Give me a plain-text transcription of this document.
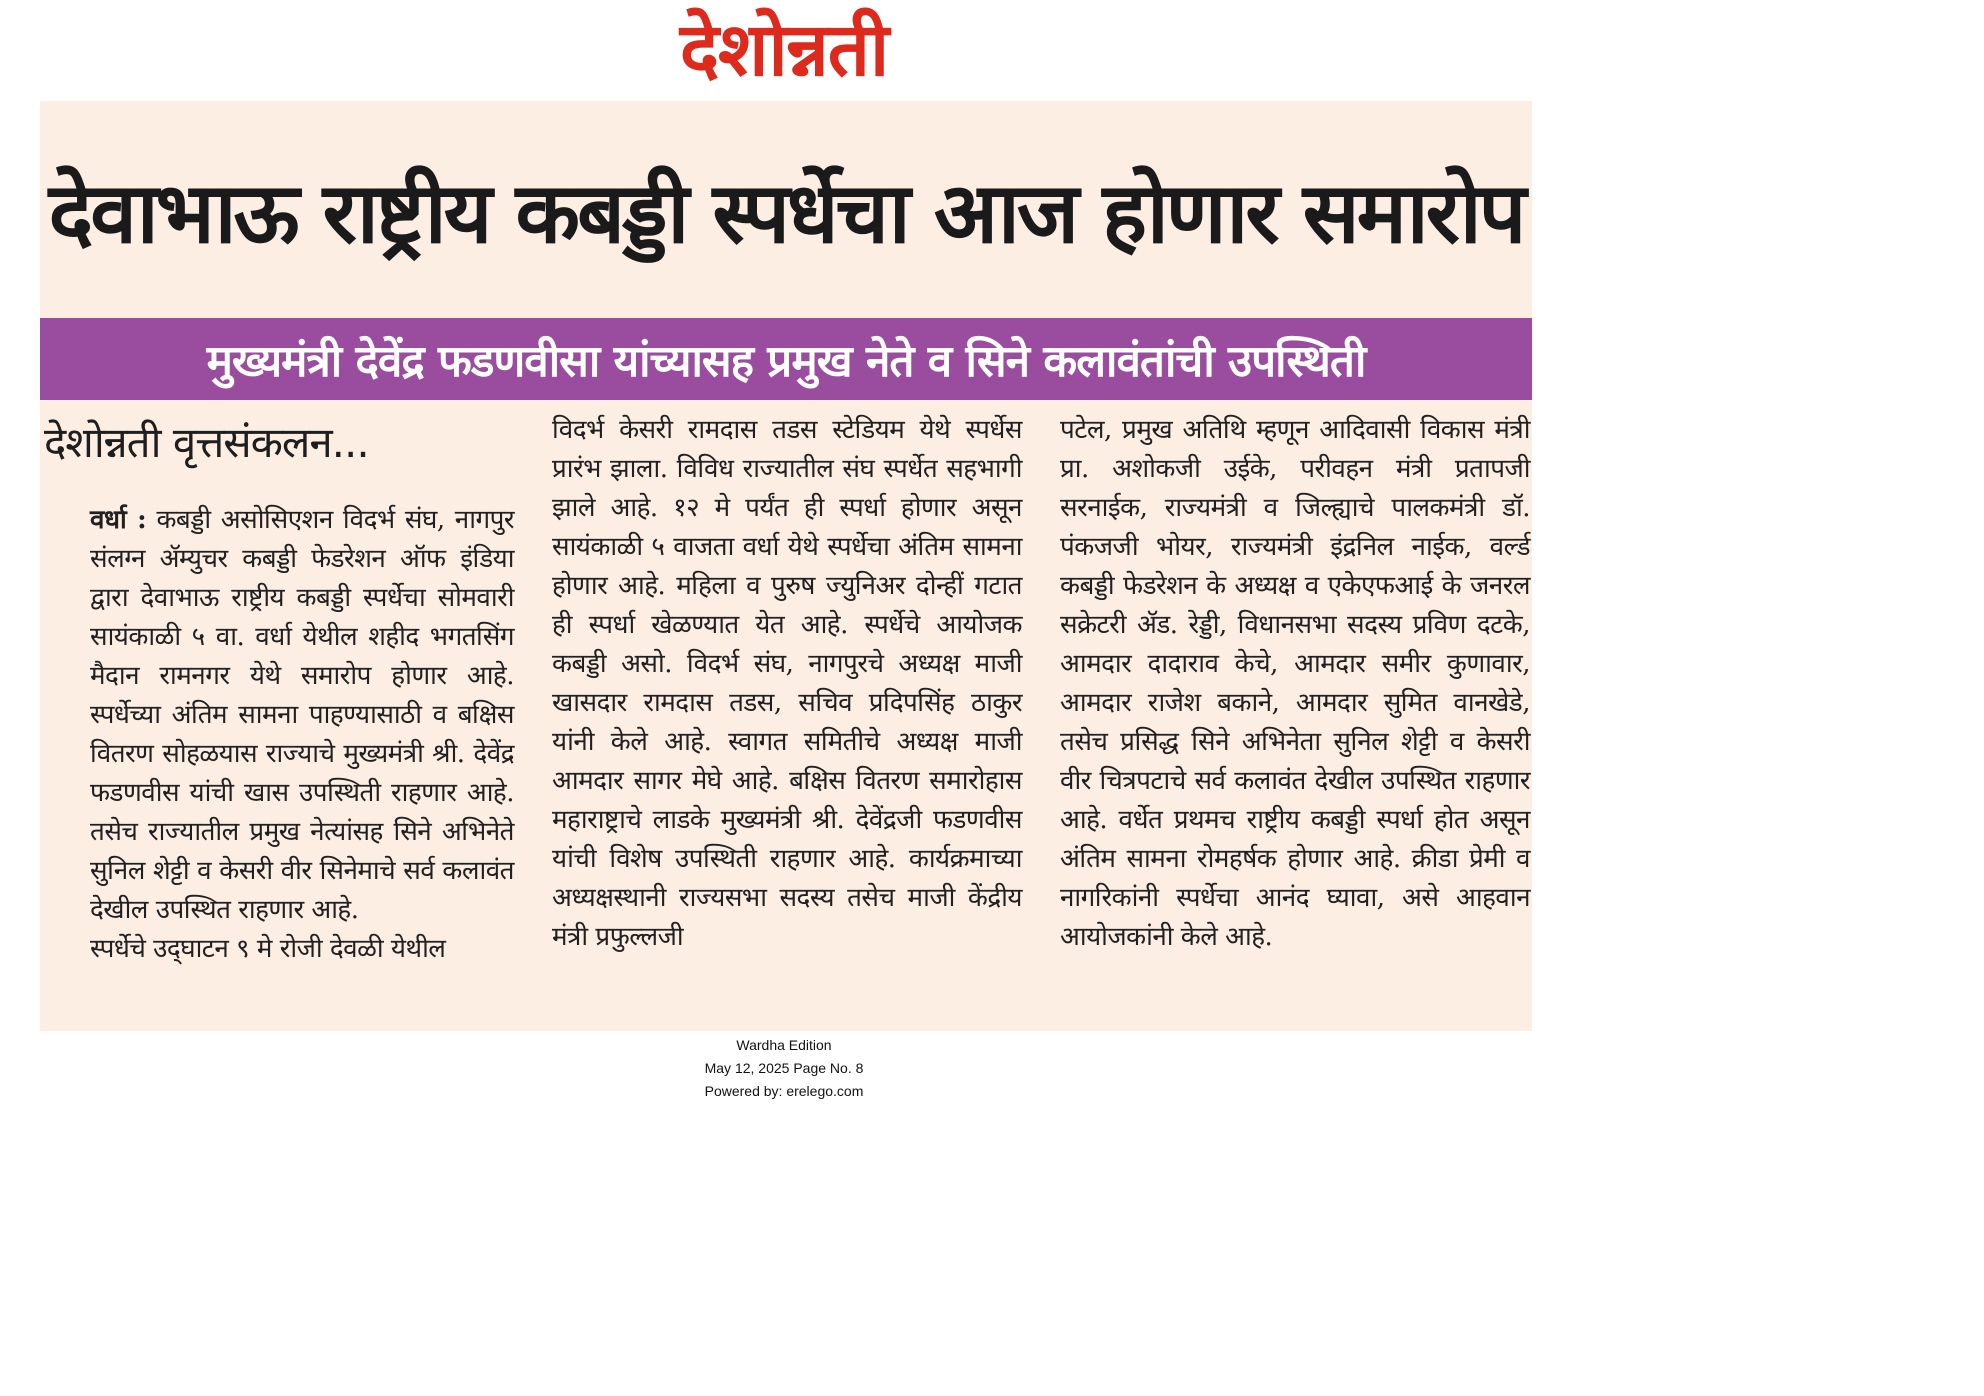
देशोन्नती
देवाभाऊ राष्ट्रीय कबड्डी स्पर्धेचा आज होणार समारोप
मुख्यमंत्री देवेंद्र फडणवीसा यांच्यासह प्रमुख नेते व सिने कलावंतांची उपस्थिती
देशोन्नती वृत्तसंकलन...

वर्धा : कबड्डी असोसिएशन विदर्भ संघ, नागपुर संलग्न ॲम्युचर कबड्डी फेडरेशन ऑफ इंडिया द्वारा देवाभाऊ राष्ट्रीय कबड्डी स्पर्धेचा सोमवारी सायंकाळी ५ वा. वर्धा येथील शहीद भगतसिंग मैदान रामनगर येथे समारोप होणार आहे. स्पर्धेच्या अंतिम सामना पाहण्यासाठी व बक्षिस वितरण सोहळयास राज्याचे मुख्यमंत्री श्री. देवेंद्र फडणवीस यांची खास उपस्थिती राहणार आहे. तसेच राज्यातील प्रमुख नेत्यांसह सिने अभिनेते सुनिल शेट्टी व केसरी वीर सिनेमाचे सर्व कलावंत देखील उपस्थित राहणार आहे.

स्पर्धेचे उद्‌घाटन ९ मे रोजी देवळी येथील

विदर्भ केसरी रामदास तडस स्टेडियम येथे स्पर्धेस प्रारंभ झाला. विविध राज्यातील संघ स्पर्धेत सहभागी झाले आहे. १२ मे पर्यंत ही स्पर्धा होणार असून सायंकाळी ५ वाजता वर्धा येथे स्पर्धेचा अंतिम सामना होणार आहे. महिला व पुरुष ज्युनिअर दोन्हीं गटात ही स्पर्धा खेळण्यात येत आहे. स्पर्धेचे आयोजक कबड्डी असो. विदर्भ संघ, नागपुरचे अध्यक्ष माजी खासदार रामदास तडस, सचिव प्रदिपसिंह ठाकुर यांनी केले आहे. स्वागत समितीचे अध्यक्ष माजी आमदार सागर मेघे आहे. बक्षिस वितरण समारोहास महाराष्ट्राचे लाडके मुख्यमंत्री श्री. देवेंद्रजी फडणवीस यांची विशेष उपस्थिती राहणार आहे. कार्यक्रमाच्या अध्यक्षस्थानी राज्यसभा सदस्य तसेच माजी केंद्रीय मंत्री प्रफुल्लजी

पटेल, प्रमुख अतिथि म्हणून आदिवासी विकास मंत्री प्रा. अशोकजी उईके, परीवहन मंत्री प्रतापजी सरनाईक, राज्यमंत्री व जिल्ह्याचे पालकमंत्री डॉ. पंकजजी भोयर, राज्यमंत्री इंद्रनिल नाईक, वर्ल्ड कबड्डी फेडरेशन के अध्यक्ष व एकेएफआई के जनरल सक्रेटरी ॲड. रेड्डी, विधानसभा सदस्य प्रविण दटके, आमदार दादाराव केचे, आमदार समीर कुणावार, आमदार राजेश बकाने, आमदार सुमित वानखेडे, तसेच प्रसिद्ध सिने अभिनेता सुनिल शेट्टी व केसरी वीर चित्रपटाचे सर्व कलावंत देखील उपस्थित राहणार आहे. वर्धेत प्रथमच राष्ट्रीय कबड्डी स्पर्धा होत असून अंतिम सामना रोमहर्षक होणार आहे. क्रीडा प्रेमी व नागरिकांनी स्पर्धेचा आनंद घ्यावा, असे आहवान आयोजकांनी केले आहे.

Wardha Edition
May 12, 2025 Page No. 8
Powered by: erelego.com
